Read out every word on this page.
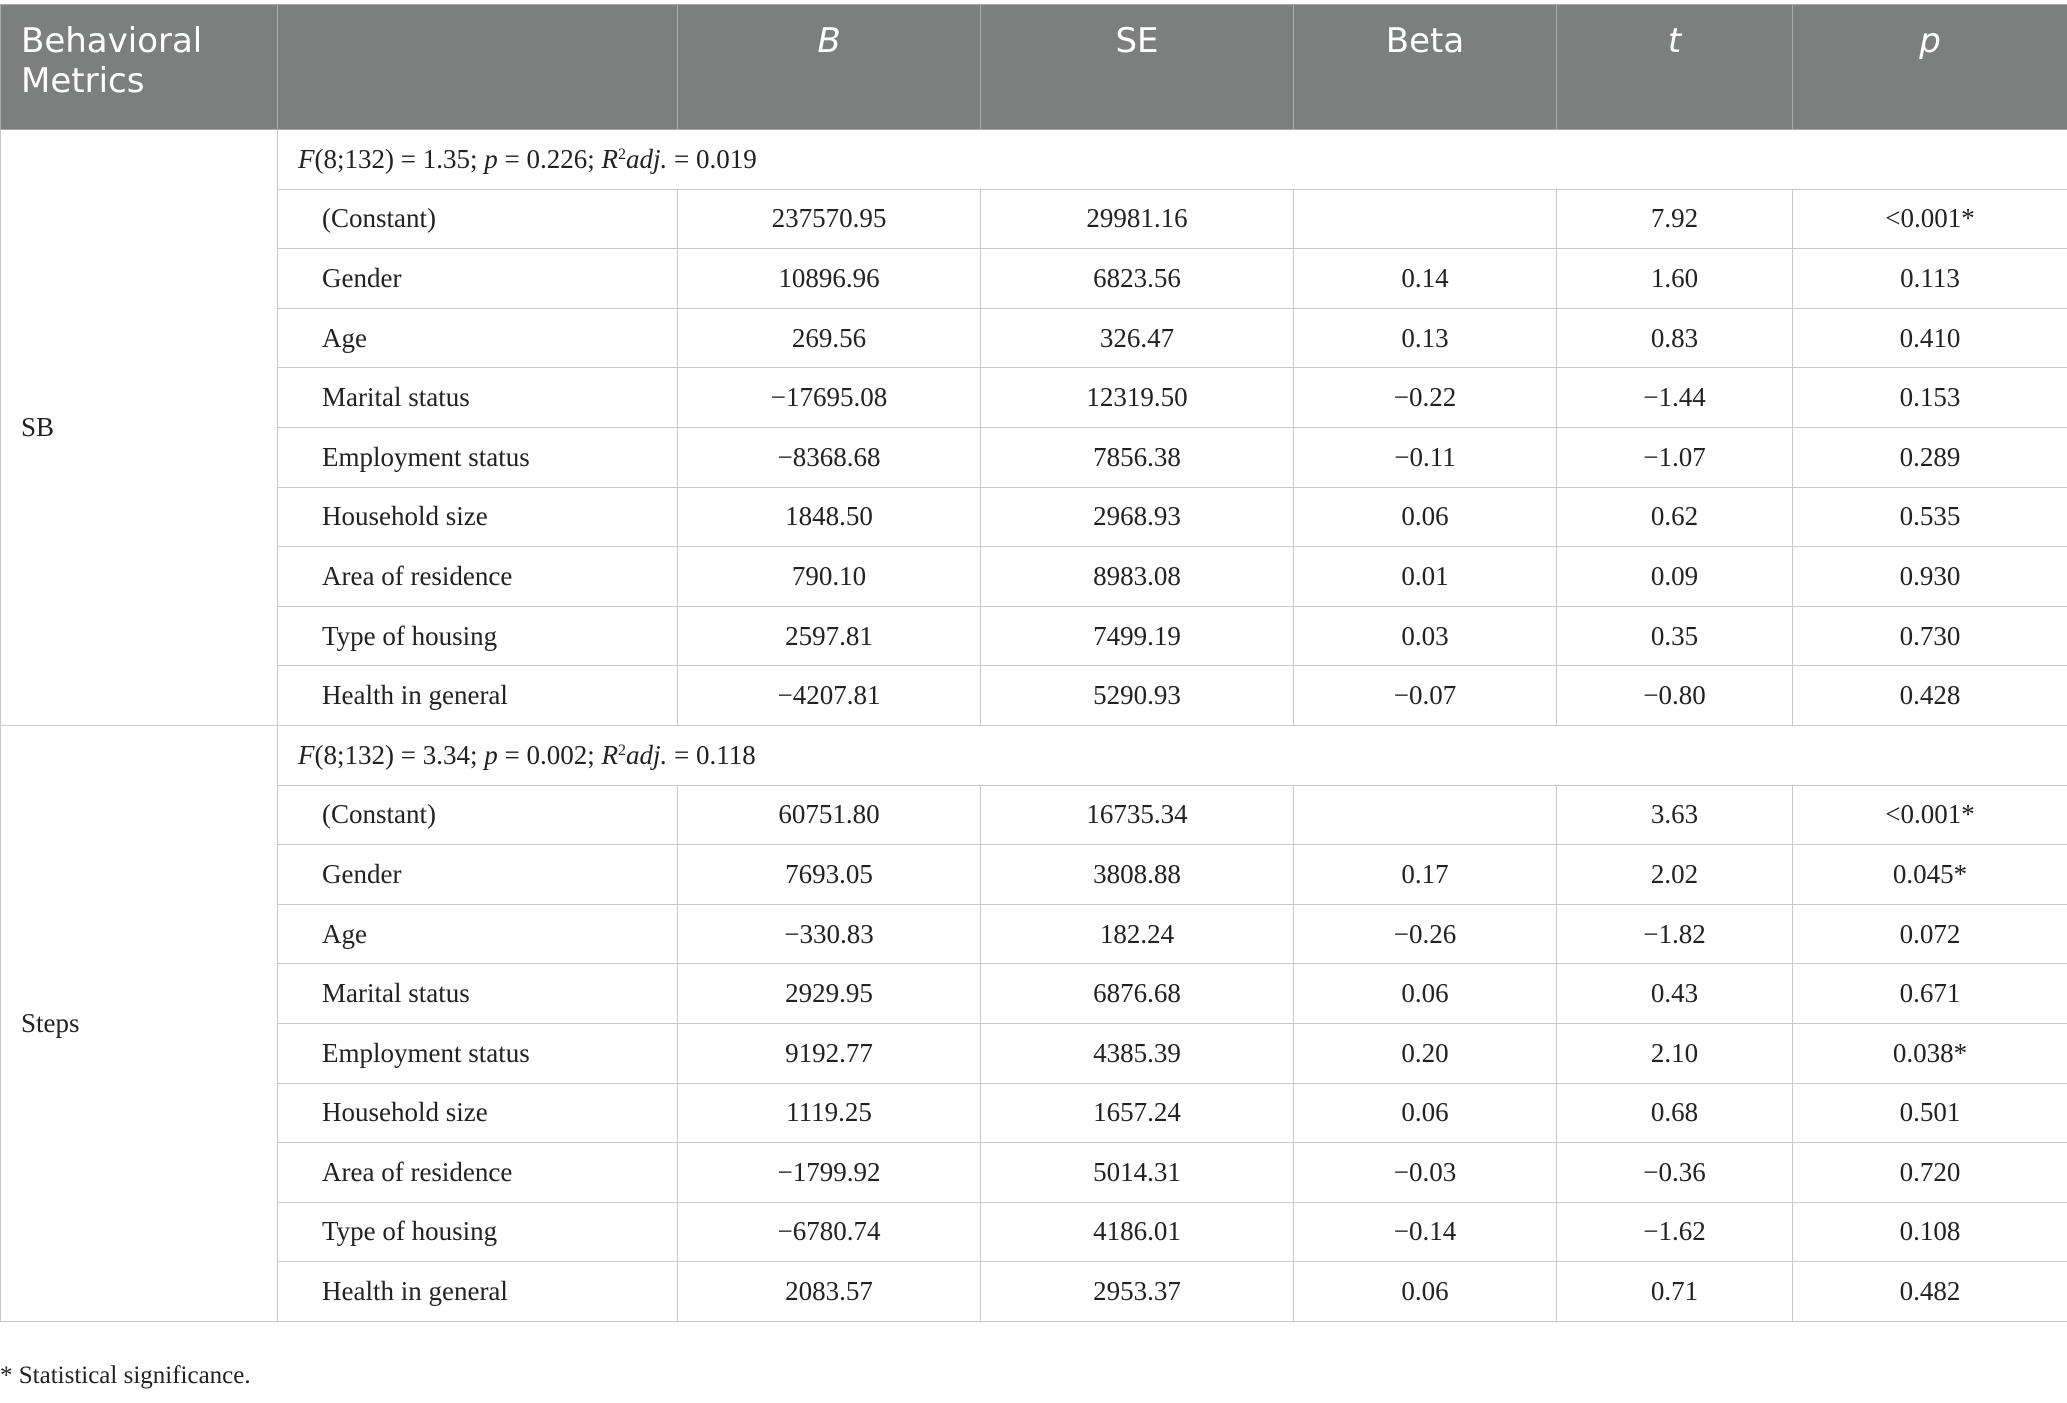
Behavioral Metrics		B	SE	Beta	t	p
SB	F(8;132) = 1.35; p = 0.226; $R^2adj$. = 0.019					
	(Constant)	237570.95	29981.16		7.92	<0.001*
	Gender	10896.96	6823.56	0.14	1.60	0.113
	Age	269.56	326.47	0.13	0.83	0.410
	Marital status	−17695.08	12319.50	−0.22	−1.44	0.153
	Employment status	−8368.68	7856.38	−0.11	−1.07	0.289
	Household size	1848.50	2968.93	0.06	0.62	0.535
	Area of residence	790.10	8983.08	0.01	0.09	0.930
	Type of housing	2597.81	7499.19	0.03	0.35	0.730
	Health in general	−4207.81	5290.93	−0.07	−0.80	0.428
Steps	F(8;132) = 3.34; p = 0.002; $R^2adj$. = 0.118					
	(Constant)	60751.80	16735.34		3.63	<0.001*
	Gender	7693.05	3808.88	0.17	2.02	0.045*
	Age	−330.83	182.24	−0.26	−1.82	0.072
	Marital status	2929.95	6876.68	0.06	0.43	0.671
	Employment status	9192.77	4385.39	0.20	2.10	0.038*
	Household size	1119.25	1657.24	0.06	0.68	0.501
	Area of residence	−1799.92	5014.31	−0.03	−0.36	0.720
	Type of housing	−6780.74	4186.01	−0.14	−1.62	0.108
	Health in general	2083.57	2953.37	0.06	0.71	0.482
* Statistical significance.
